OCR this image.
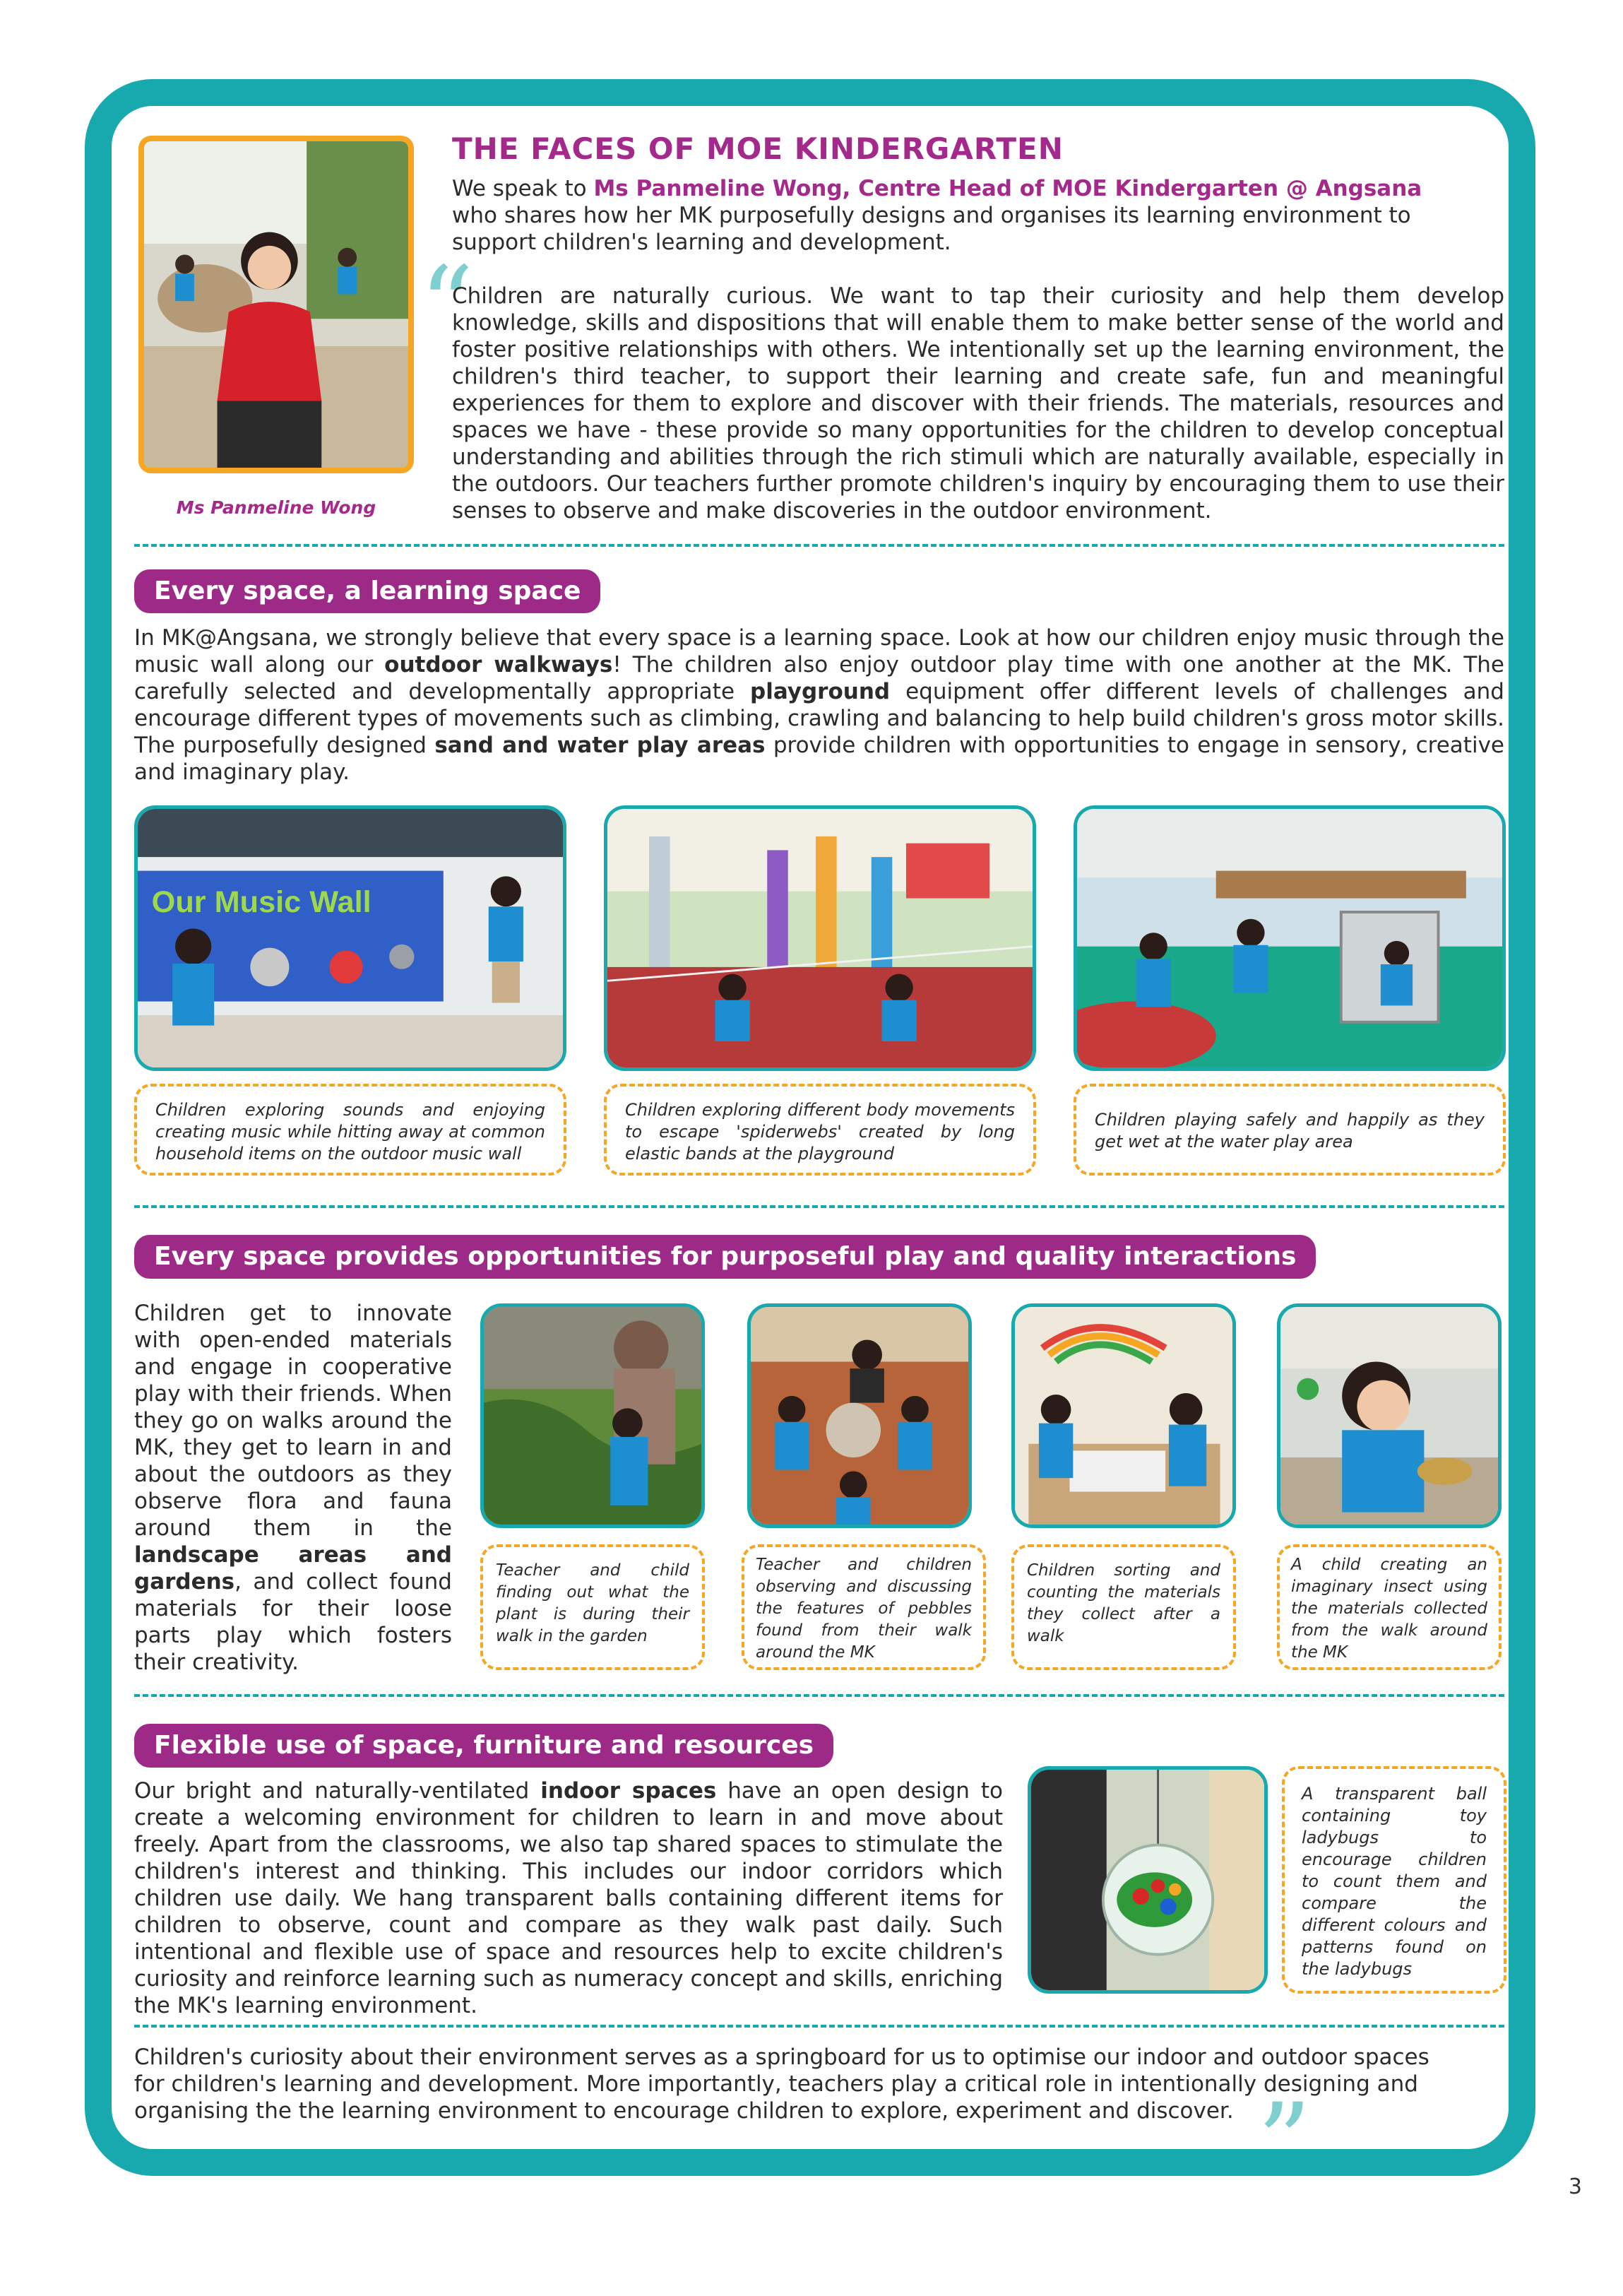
Ms Panmeline Wong
THE FACES OF MOE KINDERGARTEN
We speak to Ms Panmeline Wong, Centre Head of MOE Kindergarten @ Angsana who shares how her MK purposefully designs and organises its learning environment to support children's learning and development.
“
Children are naturally curious. We want to tap their curiosity and help them develop knowledge, skills and dispositions that will enable them to make better sense of the world and foster positive relationships with others. We intentionally set up the learning environment, the children's third teacher, to support their learning and create safe, fun and meaningful experiences for them to explore and discover with their friends. The materials, resources and spaces we have - these provide so many opportunities for the children to develop conceptual understanding and abilities through the rich stimuli which are naturally available, especially in the outdoors. Our teachers further promote children's inquiry by encouraging them to use their senses to observe and make discoveries in the outdoor environment.
Every space, a learning space
In MK@Angsana, we strongly believe that every space is a learning space. Look at how our children enjoy music through the music wall along our outdoor walkways! The children also enjoy outdoor play time with one another at the MK. The carefully selected and developmentally appropriate playground equipment offer different levels of challenges and encourage different types of movements such as climbing, crawling and balancing to help build children's gross motor skills. The purposefully designed sand and water play areas provide children with opportunities to engage in sensory, creative and imaginary play.
Our Music Wall
Children exploring sounds and enjoying creating music while hitting away at common household items on the outdoor music wall
Children exploring different body movements to escape 'spiderwebs' created by long elastic bands at the playground
Children playing safely and happily as they get wet at the water play area
Every space provides opportunities for purposeful play and quality interactions
Children get to innovate with open-ended materials and engage in cooperative play with their friends. When they go on walks around the MK, they get to learn in and about the outdoors as they observe flora and fauna around them in the landscape areas and gardens, and collect found materials for their loose parts play which fosters their creativity.
Teacher and child finding out what the plant is during their walk in the garden
Teacher and children observing and discussing the features of pebbles found from their walk around the MK
Children sorting and counting the materials they collect after a walk
A child creating an imaginary insect using the materials collected from the walk around the MK
Flexible use of space, furniture and resources
Our bright and naturally-ventilated indoor spaces have an open design to create a welcoming environment for children to learn in and move about freely. Apart from the classrooms, we also tap shared spaces to stimulate the children's interest and thinking. This includes our indoor corridors which children use daily. We hang transparent balls containing different items for children to observe, count and compare as they walk past daily. Such intentional and flexible use of space and resources help to excite children's curiosity and reinforce learning such as numeracy concept and skills, enriching the MK's learning environment.
A transparent ball containing toy ladybugs to encourage children to count them and compare the different colours and patterns found on the ladybugs
Children's curiosity about their environment serves as a springboard for us to optimise our indoor and outdoor spaces for children's learning and development. More importantly, teachers play a critical role in intentionally designing and organising the the learning environment to encourage children to explore, experiment and discover. ”	3
